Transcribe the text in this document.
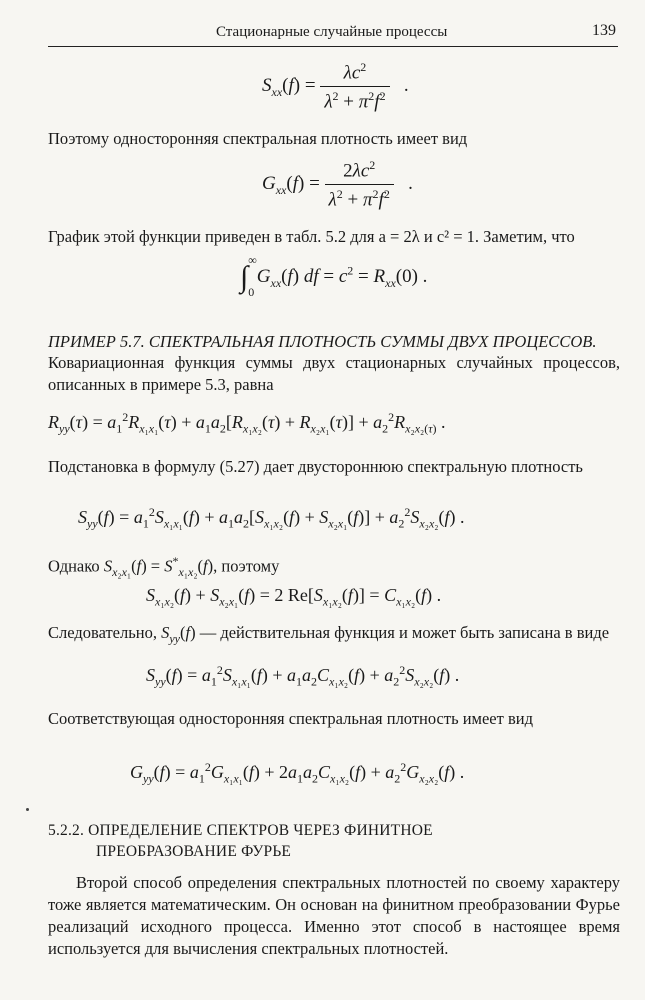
Стационарные случайные процессы	139
$S_{xx}(f) = \frac{\lambda c^2}{\lambda^2 + \pi^2f^2}$ .
Поэтому односторонняя спектральная плотность имеет вид
$G_{xx}(f) = \frac{2\lambda c^2}{\lambda^2 + \pi^2f^2}$ .
График этой функции приведен в табл. 5.2 для a = 2λ и c² = 1. Заметим, что
$\int_0^\infty G_{xx}(f)$ df = $c^2 = R_{xx}(0)$ .
ПРИМЕР 5.7. СПЕКТРАЛЬНАЯ ПЛОТНОСТЬ СУММЫ ДВУХ ПРОЦЕССОВ.
Ковариационная функция суммы двух стационарных случайных процессов, описанных в примере 5.3, равна
$R_{yy}(\tau) = a_1^2R_{x_1x_1}(\tau) + a_1a_2[R_{x_1x_2}(\tau) + R_{x_2x_1}(\tau)] + a_2^2R_{x_2x_2(\tau)}$ .
Подстановка в формулу (5.27) дает двустороннюю спектральную плотность
$S_{yy}(f) = a_1^2S_{x_1x_1}(f) + a_1a_2[S_{x_1x_2}(f) + S_{x_2x_1}(f)] + a_2^2S_{x_2x_2}(f)$ .
Однако $S_{x_2x_1}(f) = S^*_{x_1x_2}(f)$, поэтому
$S_{x_1x_2}(f) + S_{x_2x_1}(f) = 2$ $Re[S_{x_1x_2}(f)] = C_{x_1x_2}(f)$ .
Следовательно, $S_{yy}(f)$ — действительная функция и может быть записана в виде
$S_{yy}(f) = a_1^2S_{x_1x_1}(f) + a_1a_2C_{x_1x_2}(f) + a_2^2S_{x_2x_2}(f)$ .
Соответствующая односторонняя спектральная плотность имеет вид
$G_{yy}(f) = a_1^2G_{x_1x_1}(f) + 2a_1a_2C_{x_1x_2}(f) + a_2^2G_{x_2x_2}(f)$ .
5.2.2. ОПРЕДЕЛЕНИЕ СПЕКТРОВ ЧЕРЕЗ ФИНИТНОЕ
ПРЕОБРАЗОВАНИЕ ФУРЬЕ
Второй способ определения спектральных плотностей по своему характеру тоже является математическим. Он основан на финитном преобразовании Фурье реализаций исходного процесса. Именно этот способ в настоящее время используется для вычисления спектральных плотностей.
